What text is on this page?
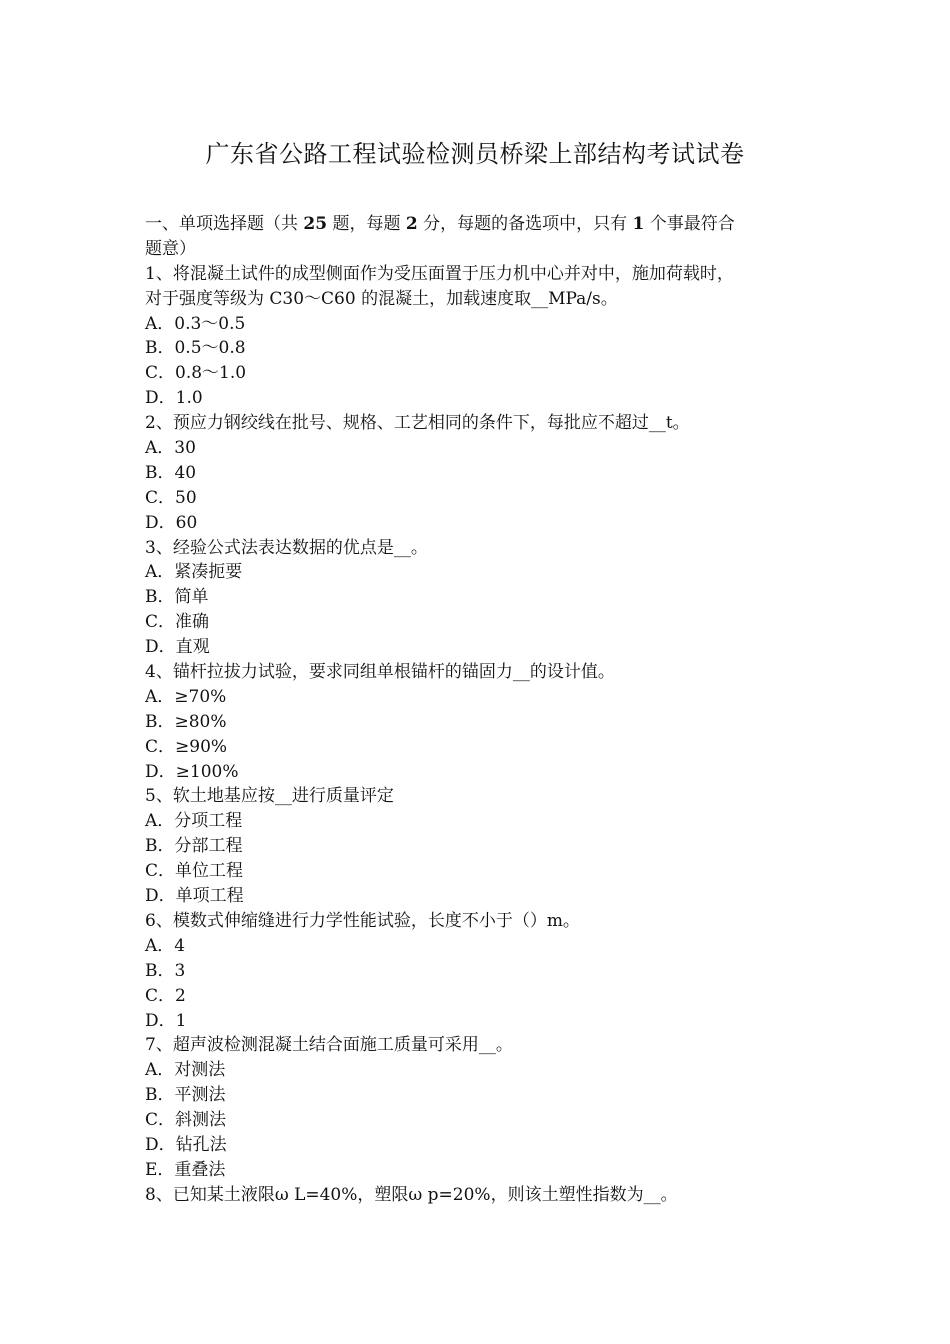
广东省公路工程试验检测员桥梁上部结构考试试卷
一、单项选择题（共 25 题，每题 2 分，每题的备选项中，只有 1 个事最符合
题意）
1、将混凝土试件的成型侧面作为受压面置于压力机中心并对中，施加荷载时，
对于强度等级为 C30～C60 的混凝土，加载速度取__MPa/s。
A．0.3～0.5
B．0.5～0.8
C．0.8～1.0
D．1.0
2、预应力钢绞线在批号、规格、工艺相同的条件下，每批应不超过__t。
A．30
B．40
C．50
D．60
3、经验公式法表达数据的优点是__。
A．紧凑扼要
B．简单
C．准确
D．直观
4、锚杆拉拔力试验，要求同组单根锚杆的锚固力__的设计值。
A．≥70%
B．≥80%
C．≥90%
D．≥100%
5、软土地基应按__进行质量评定
A．分项工程
B．分部工程
C．单位工程
D．单项工程
6、模数式伸缩缝进行力学性能试验，长度不小于（）m。
A．4
B．3
C．2
D．1
7、超声波检测混凝土结合面施工质量可采用__。
A．对测法
B．平测法
C．斜测法
D．钻孔法
E．重叠法
8、已知某土液限ω L=40%，塑限ω p=20%，则该土塑性指数为__。
